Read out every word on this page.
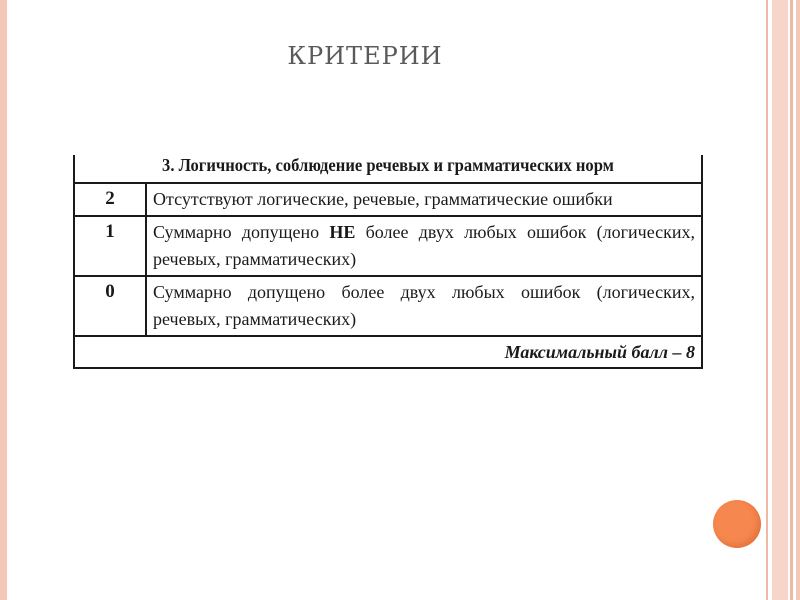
КРИТЕРИИ
3. Логичность, соблюдение речевых и грамматических норм	

2	Отсутствуют логические, речевые, грамматические ошибки
1	Суммарно допущено НЕ более двух любых ошибок (логических, речевых, грамматических)
0	Суммарно допущено более двух любых ошибок (логических, речевых, грамматических)
Максимальный балл – 8	
